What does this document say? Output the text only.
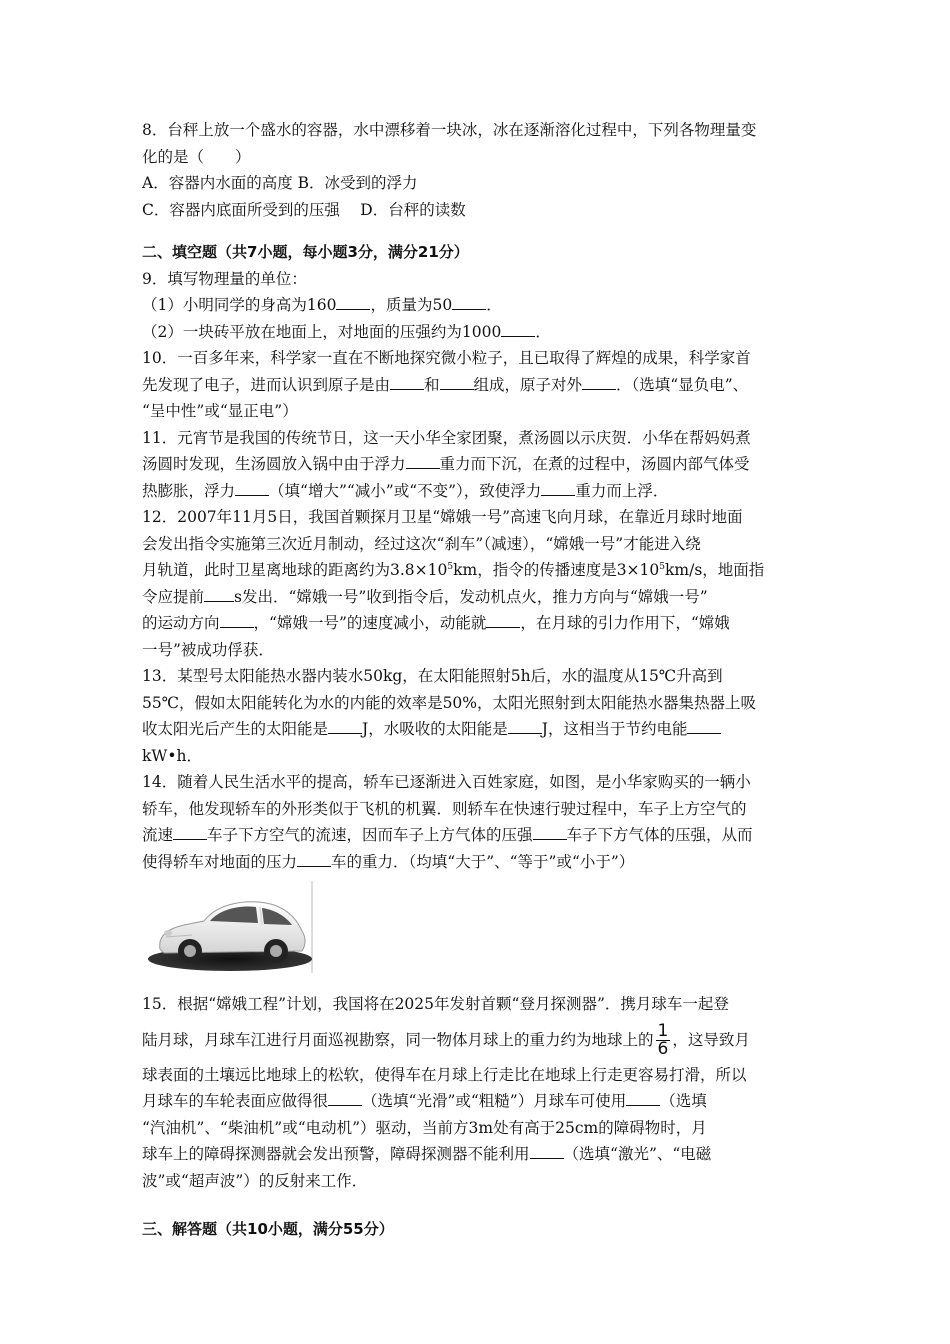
8．台秤上放一个盛水的容器，水中漂移着一块冰，冰在逐渐溶化过程中，下列各物理量变
化的是（　　）
A．容器内水面的高度 B．冰受到的浮力
C．容器内底面所受到的压强　 D．台秤的读数
二、填空题（共7小题，每小题3分，满分21分）
9．填写物理量的单位：
（1）小明同学的身高为160 ，质量为50 ．
（2）一块砖平放在地面上，对地面的压强约为1000 ．
10．一百多年来，科学家一直在不断地探究微小粒子，且已取得了辉煌的成果，科学家首
先发现了电子，进而认识到原子是由 和 组成，原子对外 ．（选填“显负电”、
“呈中性”或“显正电”）
11．元宵节是我国的传统节日，这一天小华全家团聚，煮汤圆以示庆贺．小华在帮妈妈煮
汤圆时发现，生汤圆放入锅中由于浮力 重力而下沉，在煮的过程中，汤圆内部气体受
热膨胀，浮力 （填“增大”“减小”或“不变”），致使浮力 重力而上浮．
12．2007年11月5日，我国首颗探月卫星“嫦娥一号”高速飞向月球，在靠近月球时地面
会发出指令实施第三次近月制动，经过这次“刹车”（减速），“嫦娥一号”才能进入绕
月轨道，此时卫星离地球的距离约为$3.8\times 10^5km$，指令的传播速度是$3\times 10^5km/s$，地面指
令应提前 s发出．“嫦娥一号”收到指令后，发动机点火，推力方向与“嫦娥一号”
的运动方向 ，“嫦娥一号”的速度减小，动能就 ，在月球的引力作用下，“嫦娥
一号”被成功俘获．
13．某型号太阳能热水器内装水50kg，在太阳能照射5h后，水的温度从15℃升高到
55℃，假如太阳能转化为水的内能的效率是50%，太阳光照射到太阳能热水器集热器上吸
收太阳光后产生的太阳能是 J，水吸收的太阳能是 J，这相当于节约电能
kW•h．
14．随着人民生活水平的提高，轿车已逐渐进入百姓家庭，如图，是小华家购买的一辆小
轿车，他发现轿车的外形类似于飞机的机翼．则轿车在快速行驶过程中，车子上方空气的
流速 车子下方空气的流速，因而车子上方气体的压强 车子下方气体的压强，从而
使得轿车对地面的压力 车的重力．（均填“大于”、“等于”或“小于”）
15．根据“嫦娥工程”计划，我国将在2025年发射首颗“登月探测器”．携月球车一起登
陆月球，月球车江进行月面巡视勘察，同一物体月球上的重力约为地球上的 $\frac{1}{6}$ ，这导致月
球表面的土壤远比地球上的松软，使得车在月球上行走比在地球上行走更容易打滑，所以
月球车的车轮表面应做得很 （选填“光滑”或“粗糙”）月球车可使用 （选填
“汽油机”、“柴油机”或“电动机”）驱动，当前方3m处有高于25cm的障碍物时，月
球车上的障碍探测器就会发出预警，障碍探测器不能利用 （选填“激光”、“电磁
波”或“超声波”）的反射来工作．
三、解答题（共10小题，满分55分）
